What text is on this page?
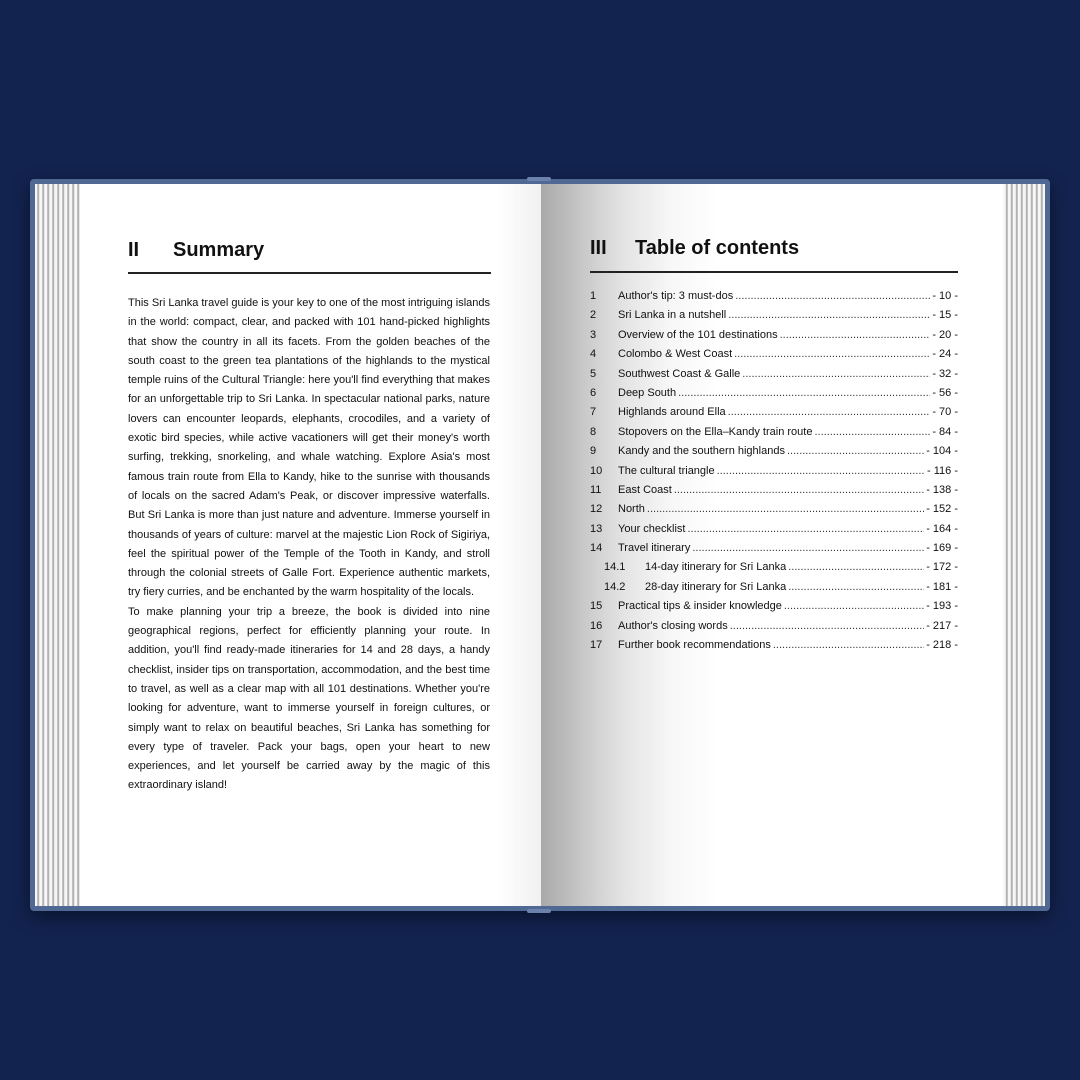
II Summary

This Sri Lanka travel guide is your key to one of the most intriguing islands in the world: compact, clear, and packed with 101 hand-picked highlights that show the country in all its facets. From the golden beaches of the south coast to the green tea plantations of the highlands to the mystical temple ruins of the Cultural Triangle: here you'll find everything that makes for an unforgettable trip to Sri Lanka. In spectacular national parks, nature lovers can encounter leopards, elephants, crocodiles, and a variety of exotic bird species, while active vacationers will get their money's worth surfing, trekking, snorkeling, and whale watching. Explore Asia's most famous train route from Ella to Kandy, hike to the sunrise with thousands of locals on the sacred Adam's Peak, or discover impressive waterfalls. But Sri Lanka is more than just nature and adventure. Immerse yourself in thousands of years of culture: marvel at the majestic Lion Rock of Sigiriya, feel the spiritual power of the Temple of the Tooth in Kandy, and stroll through the colonial streets of Galle Fort. Experience authentic markets, try fiery curries, and be enchanted by the warm hospitality of the locals.

To make planning your trip a breeze, the book is divided into nine geographical regions, perfect for efficiently planning your route. In addition, you'll find ready-made itineraries for 14 and 28 days, a handy checklist, insider tips on transportation, accommodation, and the best time to travel, as well as a clear map with all 101 destinations. Whether you're looking for adventure, want to immerse yourself in foreign cultures, or simply want to relax on beautiful beaches, Sri Lanka has something for every type of traveler. Pack your bags, open your heart to new experiences, and let yourself be carried away by the magic of this extraordinary island!

III Table of contents
1	Author's tip: 3 must-dos .....	- 10 -
2	Sri Lanka in a nutshell .....	- 15 -
3	Overview of the 101 destinations .....	- 20 -
4	Colombo & West Coast .....	- 24 -
5	Southwest Coast & Galle .....	- 32 -
6	Deep South .....	- 56 -
7	Highlands around Ella .....	- 70 -
8	Stopovers on the Ella–Kandy train route .....	- 84 -
9	Kandy and the southern highlands .....	- 104 -
10	The cultural triangle .....	- 116 -
11	East Coast .....	- 138 -
12	North .....	- 152 -
13	Your checklist .....	- 164 -
14	Travel itinerary .....	- 169 -
14.1	14-day itinerary for Sri Lanka .....	- 172 -
14.2	28-day itinerary for Sri Lanka .....	- 181 -
15	Practical tips & insider knowledge .....	- 193 -
16	Author's closing words .....	- 217 -
17	Further book recommendations .....	- 218 -
